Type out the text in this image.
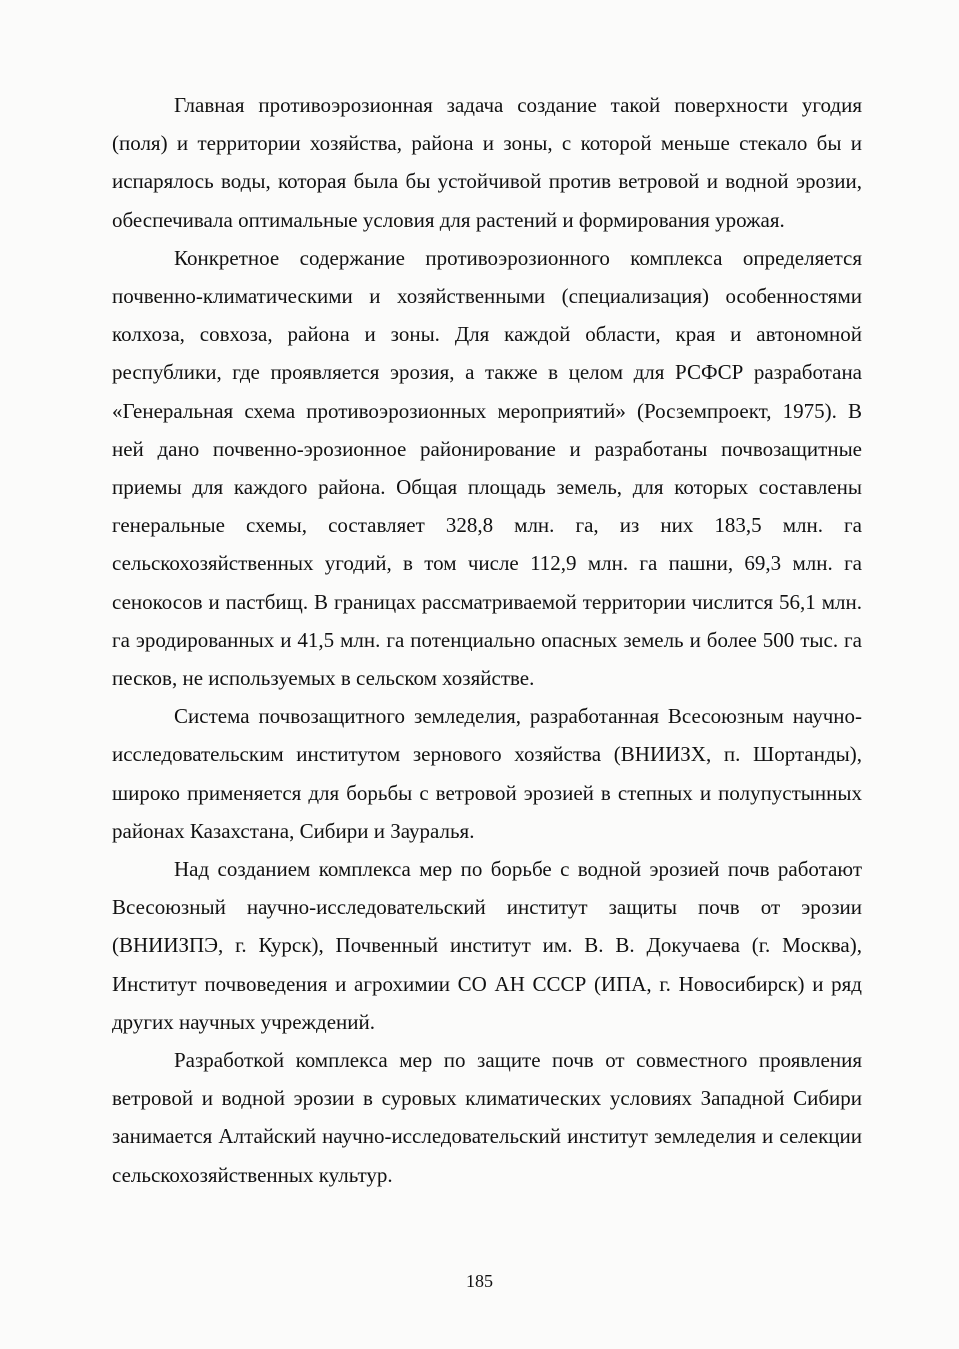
Главная противоэрозионная задача создание такой поверхности угодия (поля) и территории хозяйства, района и зоны, с которой меньше стекало бы и испарялось воды, которая была бы устойчивой против ветровой и водной эрозии, обеспечивала оптимальные условия для растений и формирования урожая.

Конкретное содержание противоэрозионного комплекса определяется почвенно-климатическими и хозяйственными (специализация) особенностями колхоза, совхоза, района и зоны. Для каждой области, края и автономной республики, где проявляется эрозия, а также в целом для РСФСР разработана «Генеральная схема противоэрозионных мероприятий» (Росземпроект, 1975). В ней дано почвенно-эрозионное районирование и разработаны почвозащитные приемы для каждого района. Общая площадь земель, для которых составлены генеральные схемы, составляет 328,8 млн. га, из них 183,5 млн. га сельскохозяйственных угодий, в том числе 112,9 млн. га пашни, 69,3 млн. га сенокосов и пастбищ. В границах рассматриваемой территории числится 56,1 млн. га эродированных и 41,5 млн. га потенциально опасных земель и более 500 тыс. га песков, не используемых в сельском хозяйстве.

Система почвозащитного земледелия, разработанная Всесоюзным научно-исследовательским институтом зернового хозяйства (ВНИИЗХ, п. Шортанды), широко применяется для борьбы с ветровой эрозией в степных и полупустынных районах Казахстана, Сибири и Зауралья.

Над созданием комплекса мер по борьбе с водной эрозией почв работают Всесоюзный научно-исследовательский институт защиты почв от эрозии (ВНИИЗПЭ, г. Курск), Почвенный институт им. В. В. Докучаева (г. Москва), Институт почвоведения и агрохимии СО АН СССР (ИПА, г. Новосибирск) и ряд других научных учреждений.

Разработкой комплекса мер по защите почв от совместного проявления ветровой и водной эрозии в суровых климатических условиях Западной Сибири занимается Алтайский научно-исследовательский институт земледелия и селекции сельскохозяйственных культур.

185
